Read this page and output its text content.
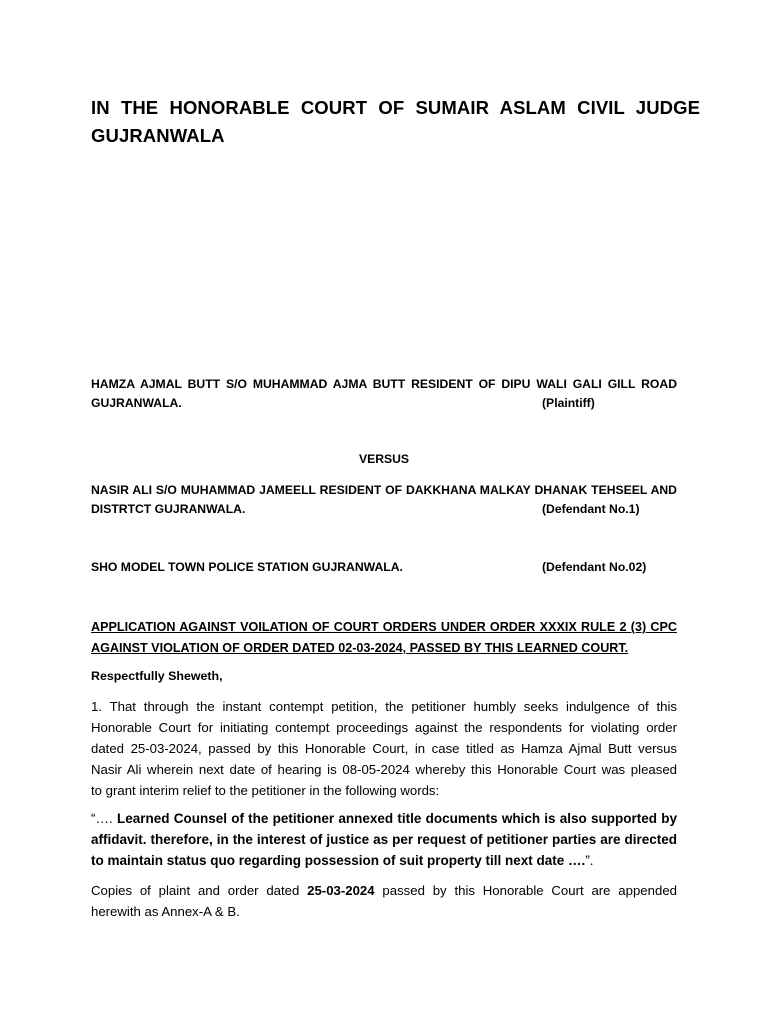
IN THE HONORABLE COURT OF SUMAIR ASLAM CIVIL JUDGE
GUJRANWALA
HAMZA AJMAL BUTT S/O MUHAMMAD AJMA BUTT RESIDENT OF DIPU WALI GALI GILL ROAD
GUJRANWALA.	(Plaintiff)
VERSUS
NASIR ALI S/O MUHAMMAD JAMEELL RESIDENT OF DAKKHANA MALKAY DHANAK TEHSEEL AND
DISTRTCT GUJRANWALA.	(Defendant No.1)
SHO MODEL TOWN POLICE STATION GUJRANWALA.	(Defendant No.02)
APPLICATION AGAINST VOILATION OF COURT ORDERS UNDER ORDER XXXIX RULE 2 (3) CPC
AGAINST VIOLATION OF ORDER DATED 02-03-2024, PASSED BY THIS LEARNED COURT.
Respectfully Sheweth,
1. That through the instant contempt petition, the petitioner humbly seeks indulgence of this
Honorable Court for initiating contempt proceedings against the respondents for violating order
dated 25-03-2024, passed by this Honorable Court, in case titled as Hamza Ajmal Butt versus
Nasir Ali wherein next date of hearing is 08-05-2024 whereby this Honorable Court was pleased
to grant interim relief to the petitioner in the following words:
“…. Learned Counsel of the petitioner annexed title documents which is also supported by
affidavit. therefore, in the interest of justice as per request of petitioner parties are directed
to maintain status quo regarding possession of suit property till next date ….”.
Copies of plaint and order dated 25-03-2024 passed by this Honorable Court are appended
herewith as Annex-A & B.
